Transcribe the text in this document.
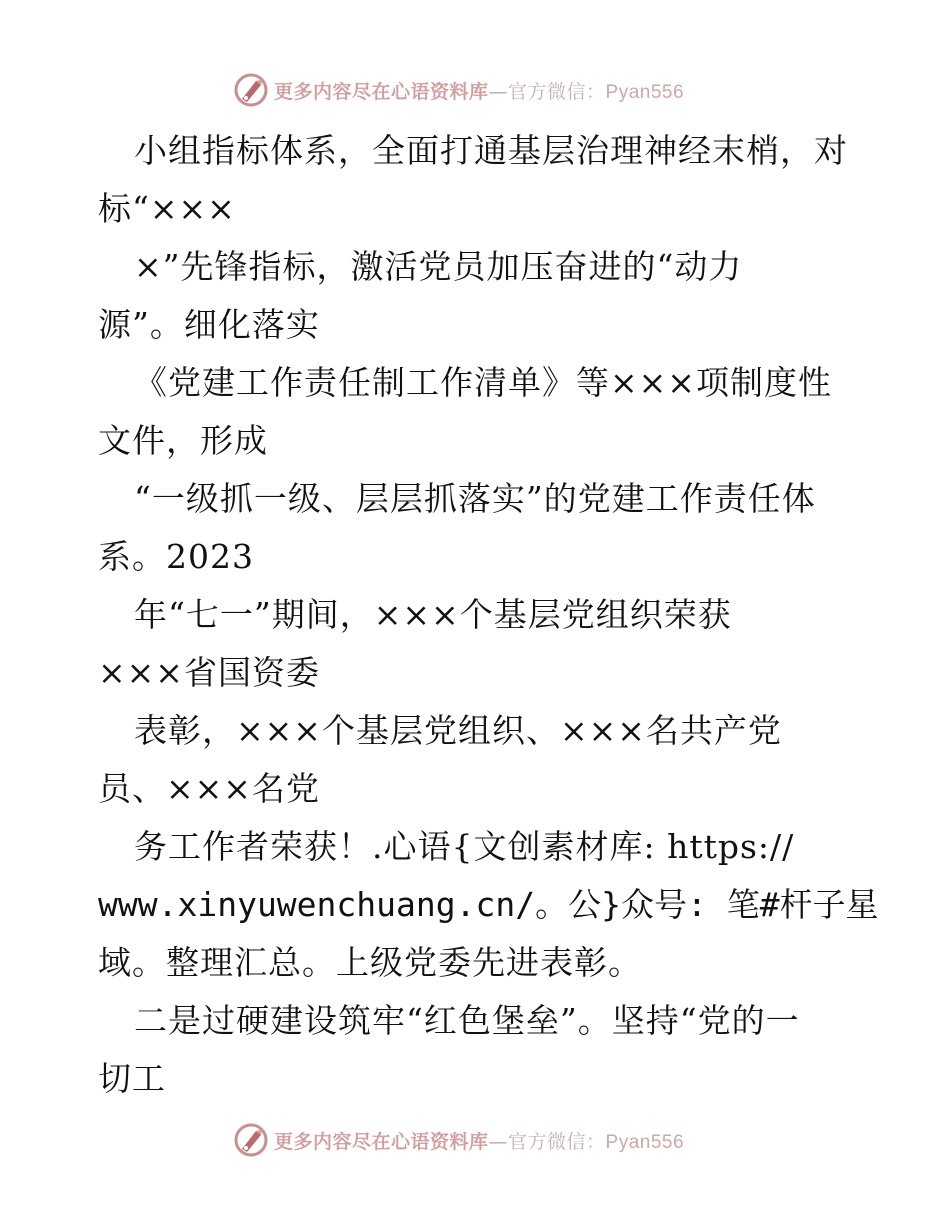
更多内容尽在心语资料库—官方微信：Pyan556
小组指标体系，全面打通基层治理神经末梢，对
标“×××
×”先锋指标，激活党员加压奋进的“动力
源”。细化落实
《党建工作责任制工作清单》等×××项制度性
文件，形成
“一级抓一级、层层抓落实”的党建工作责任体
系。2023
年“七一”期间，×××个基层党组织荣获
×××省国资委
表彰，×××个基层党组织、×××名共产党
员、×××名党
务工作者荣获！.心语{文创素材库: https://
www.xinyuwenchuang.cn/。公}众号: 笔#杆子星
域。整理汇总。上级党委先进表彰。
二是过硬建设筑牢“红色堡垒”。坚持“党的一
切工
更多内容尽在心语资料库—官方微信：Pyan556
